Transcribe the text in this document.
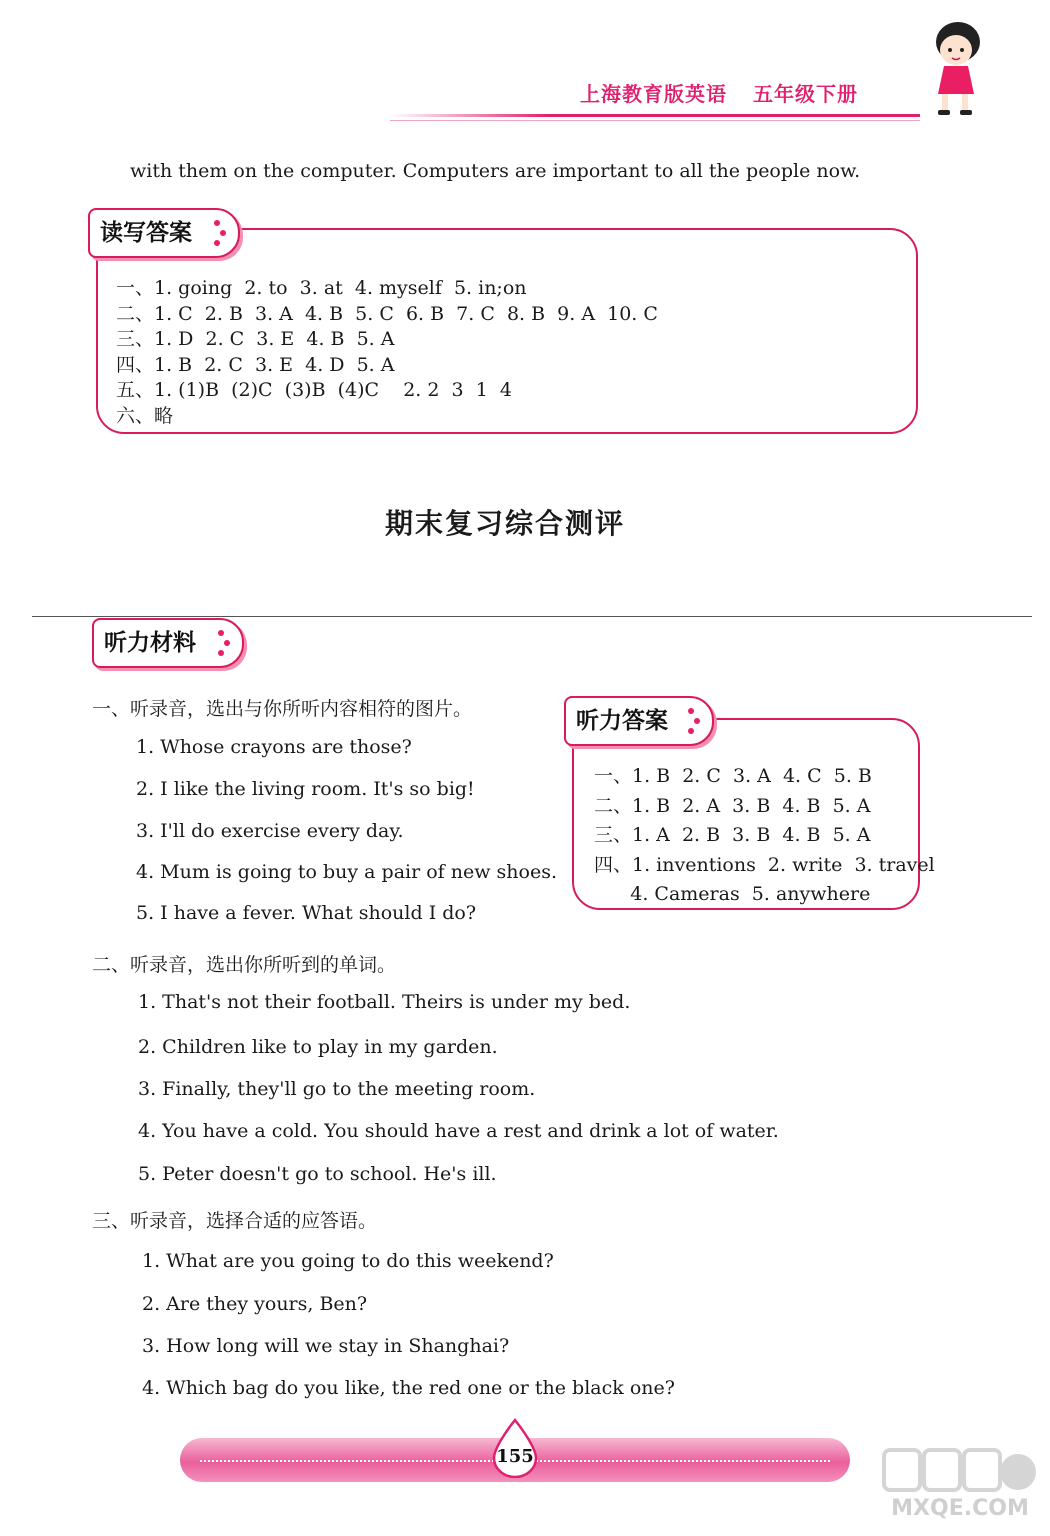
上海教育版英语 五年级下册
with them on the computer. Computers are important to all the people now.
读写答案
一、1. going  2. to  3. at  4. myself  5. in;on
二、1. C  2. B  3. A  4. B  5. C  6. B  7. C  8. B  9. A  10. C
三、1. D  2. C  3. E  4. B  5. A
四、1. B  2. C  3. E  4. D  5. A
五、1. (1)B  (2)C  (3)B  (4)C    2. 2  3  1  4
六、略
期末复习综合测评
听力材料
一、听录音，选出与你所听内容相符的图片。
1. Whose crayons are those?
2. I like the living room. It's so big!
3. I'll do exercise every day.
4. Mum is going to buy a pair of new shoes.
5. I have a fever. What should I do?
听力答案
一、1. B  2. C  3. A  4. C  5. B
二、1. B  2. A  3. B  4. B  5. A
三、1. A  2. B  3. B  4. B  5. A
四、1. inventions  2. write  3. travel
4. Cameras  5. anywhere
二、听录音，选出你所听到的单词。
1. That's not their football. Theirs is under my bed.
2. Children like to play in my garden.
3. Finally, they'll go to the meeting room.
4. You have a cold. You should have a rest and drink a lot of water.
5. Peter doesn't go to school. He's ill.
三、听录音，选择合适的应答语。
1. What are you going to do this weekend?
2. Are they yours, Ben?
3. How long will we stay in Shanghai?
4. Which bag do you like, the red one or the black one?
155
MXQE.COM
